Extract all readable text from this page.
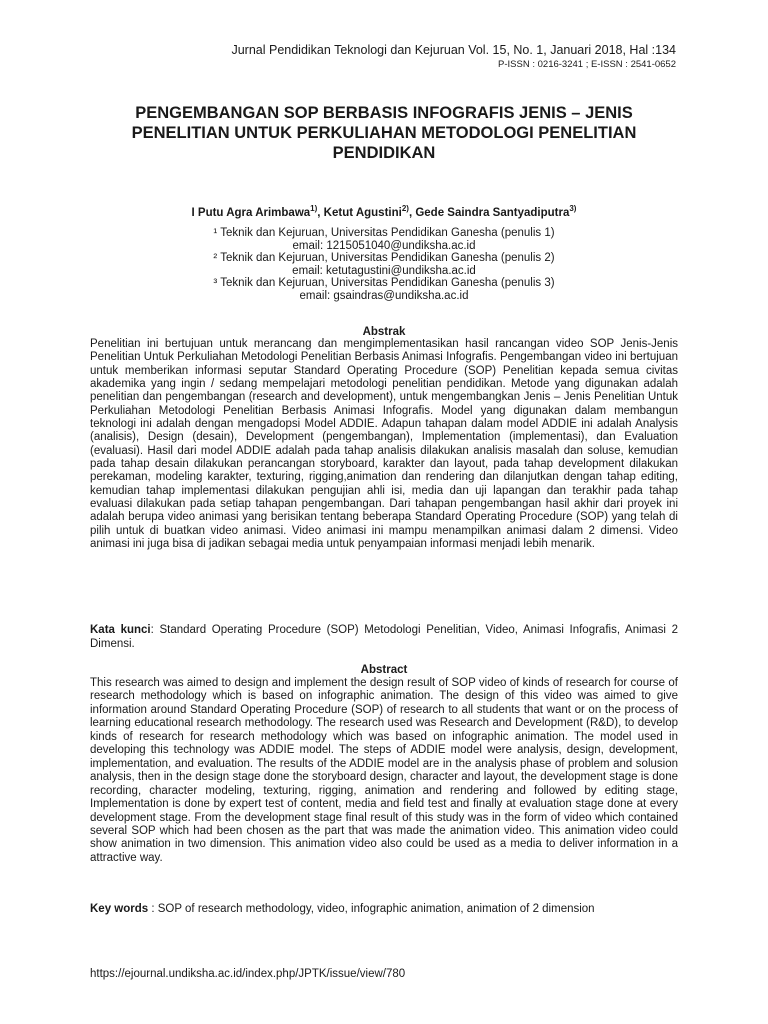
Jurnal Pendidikan Teknologi dan Kejuruan Vol. 15, No. 1, Januari 2018, Hal :134
P-ISSN : 0216-3241 ; E-ISSN : 2541-0652
PENGEMBANGAN SOP BERBASIS INFOGRAFIS JENIS – JENIS PENELITIAN UNTUK PERKULIAHAN METODOLOGI PENELITIAN PENDIDIKAN
I Putu Agra Arimbawa$^{1)}$, Ketut Agustini$^{2)}$, Gede Saindra Santyadiputra$^{3)}$
¹ Teknik dan Kejuruan, Universitas Pendidikan Ganesha (penulis 1)
email: 1215051040@undiksha.ac.id
² Teknik dan Kejuruan, Universitas Pendidikan Ganesha (penulis 2)
email: ketutagustini@undiksha.ac.id
³ Teknik dan Kejuruan, Universitas Pendidikan Ganesha (penulis 3)
email: gsaindras@undiksha.ac.id
Abstrak

Penelitian ini bertujuan untuk merancang dan mengimplementasikan hasil rancangan video SOP Jenis-Jenis Penelitian Untuk Perkuliahan Metodologi Penelitian Berbasis Animasi Infografis. Pengembangan video ini bertujuan untuk memberikan informasi seputar Standard Operating Procedure (SOP) Penelitian kepada semua civitas akademika yang ingin / sedang mempelajari metodologi penelitian pendidikan. Metode yang digunakan adalah penelitian dan pengembangan (research and development), untuk mengembangkan Jenis – Jenis Penelitian Untuk Perkuliahan Metodologi Penelitian Berbasis Animasi Infografis. Model yang digunakan dalam membangun teknologi ini adalah dengan mengadopsi Model ADDIE. Adapun tahapan dalam model ADDIE ini adalah Analysis (analisis), Design (desain), Development (pengembangan), Implementation (implementasi), dan Evaluation (evaluasi). Hasil dari model ADDIE adalah pada tahap analisis dilakukan analisis masalah dan soluse, kemudian pada tahap desain dilakukan perancangan storyboard, karakter dan layout, pada tahap development dilakukan perekaman, modeling karakter, texturing, rigging,animation dan rendering dan dilanjutkan dengan tahap editing, kemudian tahap implementasi dilakukan pengujian ahli isi, media dan uji lapangan dan terakhir pada tahap evaluasi dilakukan pada setiap tahapan pengembangan. Dari tahapan pengembangan hasil akhir dari proyek ini adalah berupa video animasi yang berisikan tentang beberapa Standard Operating Procedure (SOP) yang telah di pilih untuk di buatkan video animasi. Video animasi ini mampu menampilkan animasi dalam 2 dimensi. Video animasi ini juga bisa di jadikan sebagai media untuk penyampaian informasi menjadi lebih menarik.

Kata kunci: Standard Operating Procedure (SOP) Metodologi Penelitian, Video, Animasi Infografis, Animasi 2 Dimensi.
Abstract

This research was aimed to design and implement the design result of SOP video of kinds of research for course of research methodology which is based on infographic animation. The design of this video was aimed to give information around Standard Operating Procedure (SOP) of research to all students that want or on the process of learning educational research methodology. The research used was Research and Development (R&D), to develop kinds of research for research methodology which was based on infographic animation. The model used in developing this technology was ADDIE model. The steps of ADDIE model were analysis, design, development, implementation, and evaluation. The results of the ADDIE model are in the analysis phase of problem and solusion analysis, then in the design stage done the storyboard design, character and layout, the development stage is done recording, character modeling, texturing, rigging, animation and rendering and followed by editing stage, Implementation is done by expert test of content, media and field test and finally at evaluation stage done at every development stage. From the development stage final result of this study was in the form of video which contained several SOP which had been chosen as the part that was made the animation video. This animation video could show animation in two dimension. This animation video also could be used as a media to deliver information in a attractive way.

Key words : SOP of research methodology, video, infographic animation, animation of 2 dimension
https://ejournal.undiksha.ac.id/index.php/JPTK/issue/view/780
